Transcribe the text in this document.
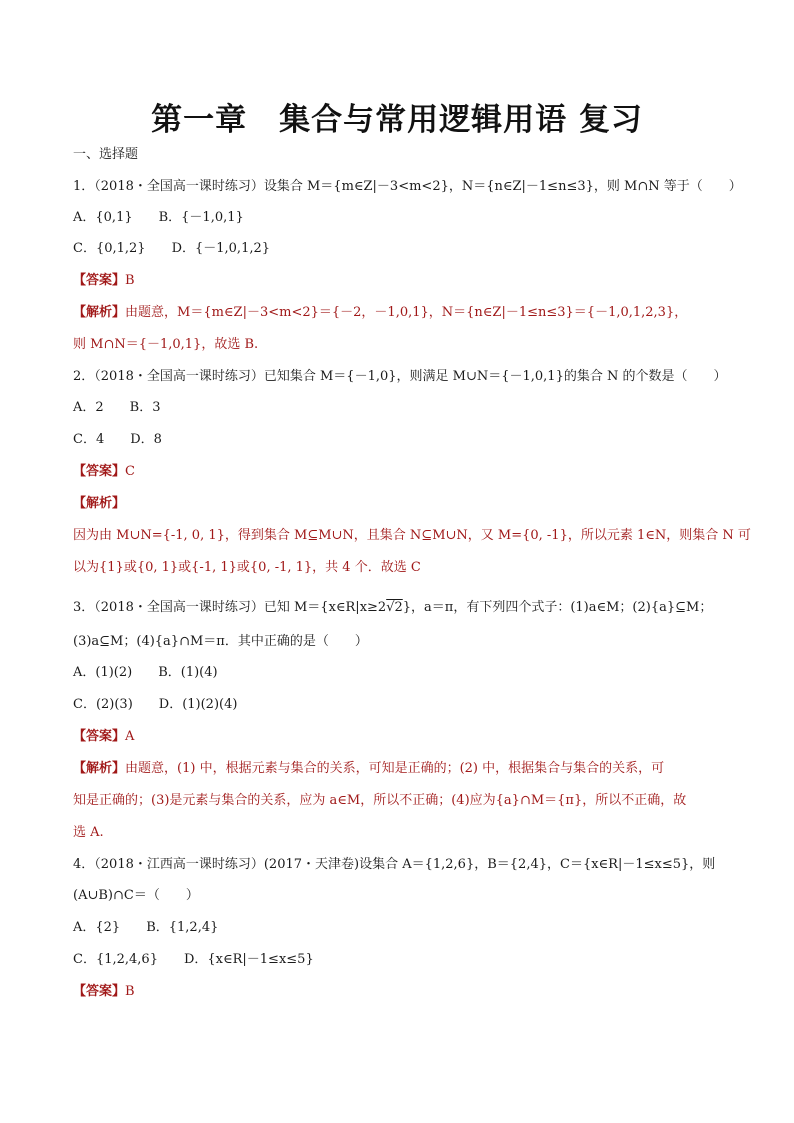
第一章　集合与常用逻辑用语 复习
一、选择题
1．（2018・全国高一课时练习）设集合 M＝{m∈Z|－3<m<2}，N＝{n∈Z|－1≤n≤3}，则 M∩N 等于（　　）
A．{0,1}　　B．{－1,0,1}
C．{0,1,2}　　D．{－1,0,1,2}
【答案】B
【解析】由题意，M＝{m∈Z|－3<m<2}＝{－2，－1,0,1}，N＝{n∈Z|－1≤n≤3}＝{－1,0,1,2,3}，
则 M∩N＝{－1,0,1}，故选 B.
2．（2018・全国高一课时练习）已知集合 M＝{－1,0}，则满足 M∪N＝{－1,0,1}的集合 N 的个数是（　　）
A．2　　B．3
C．4　　D．8
【答案】C
【解析】
因为由 M∪N={-1, 0, 1}，得到集合 M⊆M∪N，且集合 N⊆M∪N，又 M={0, -1}，所以元素 1∈N，则集合 N 可
以为{1}或{0, 1}或{-1, 1}或{0, -1, 1}，共 4 个．故选 C
3．（2018・全国高一课时练习）已知 M＝{x∈R|x≥2√2}，a＝π，有下列四个式子：(1)a∈M；(2){a}⊆M；
(3)a⊆M；(4){a}∩M＝π．其中正确的是（　　）
A．(1)(2)　　B．(1)(4)
C．(2)(3)　　D．(1)(2)(4)
【答案】A
【解析】由题意，(1) 中，根据元素与集合的关系，可知是正确的；(2) 中，根据集合与集合的关系，可
知是正确的；(3)是元素与集合的关系，应为 a∈M，所以不正确；(4)应为{a}∩M＝{π}，所以不正确，故
选 A.
4．（2018・江西高一课时练习）(2017・天津卷)设集合 A＝{1,2,6}，B＝{2,4}，C＝{x∈R|－1≤x≤5}，则
(A∪B)∩C＝（　　）
A．{2}　　B．{1,2,4}
C．{1,2,4,6}　　D．{x∈R|－1≤x≤5}
【答案】B
